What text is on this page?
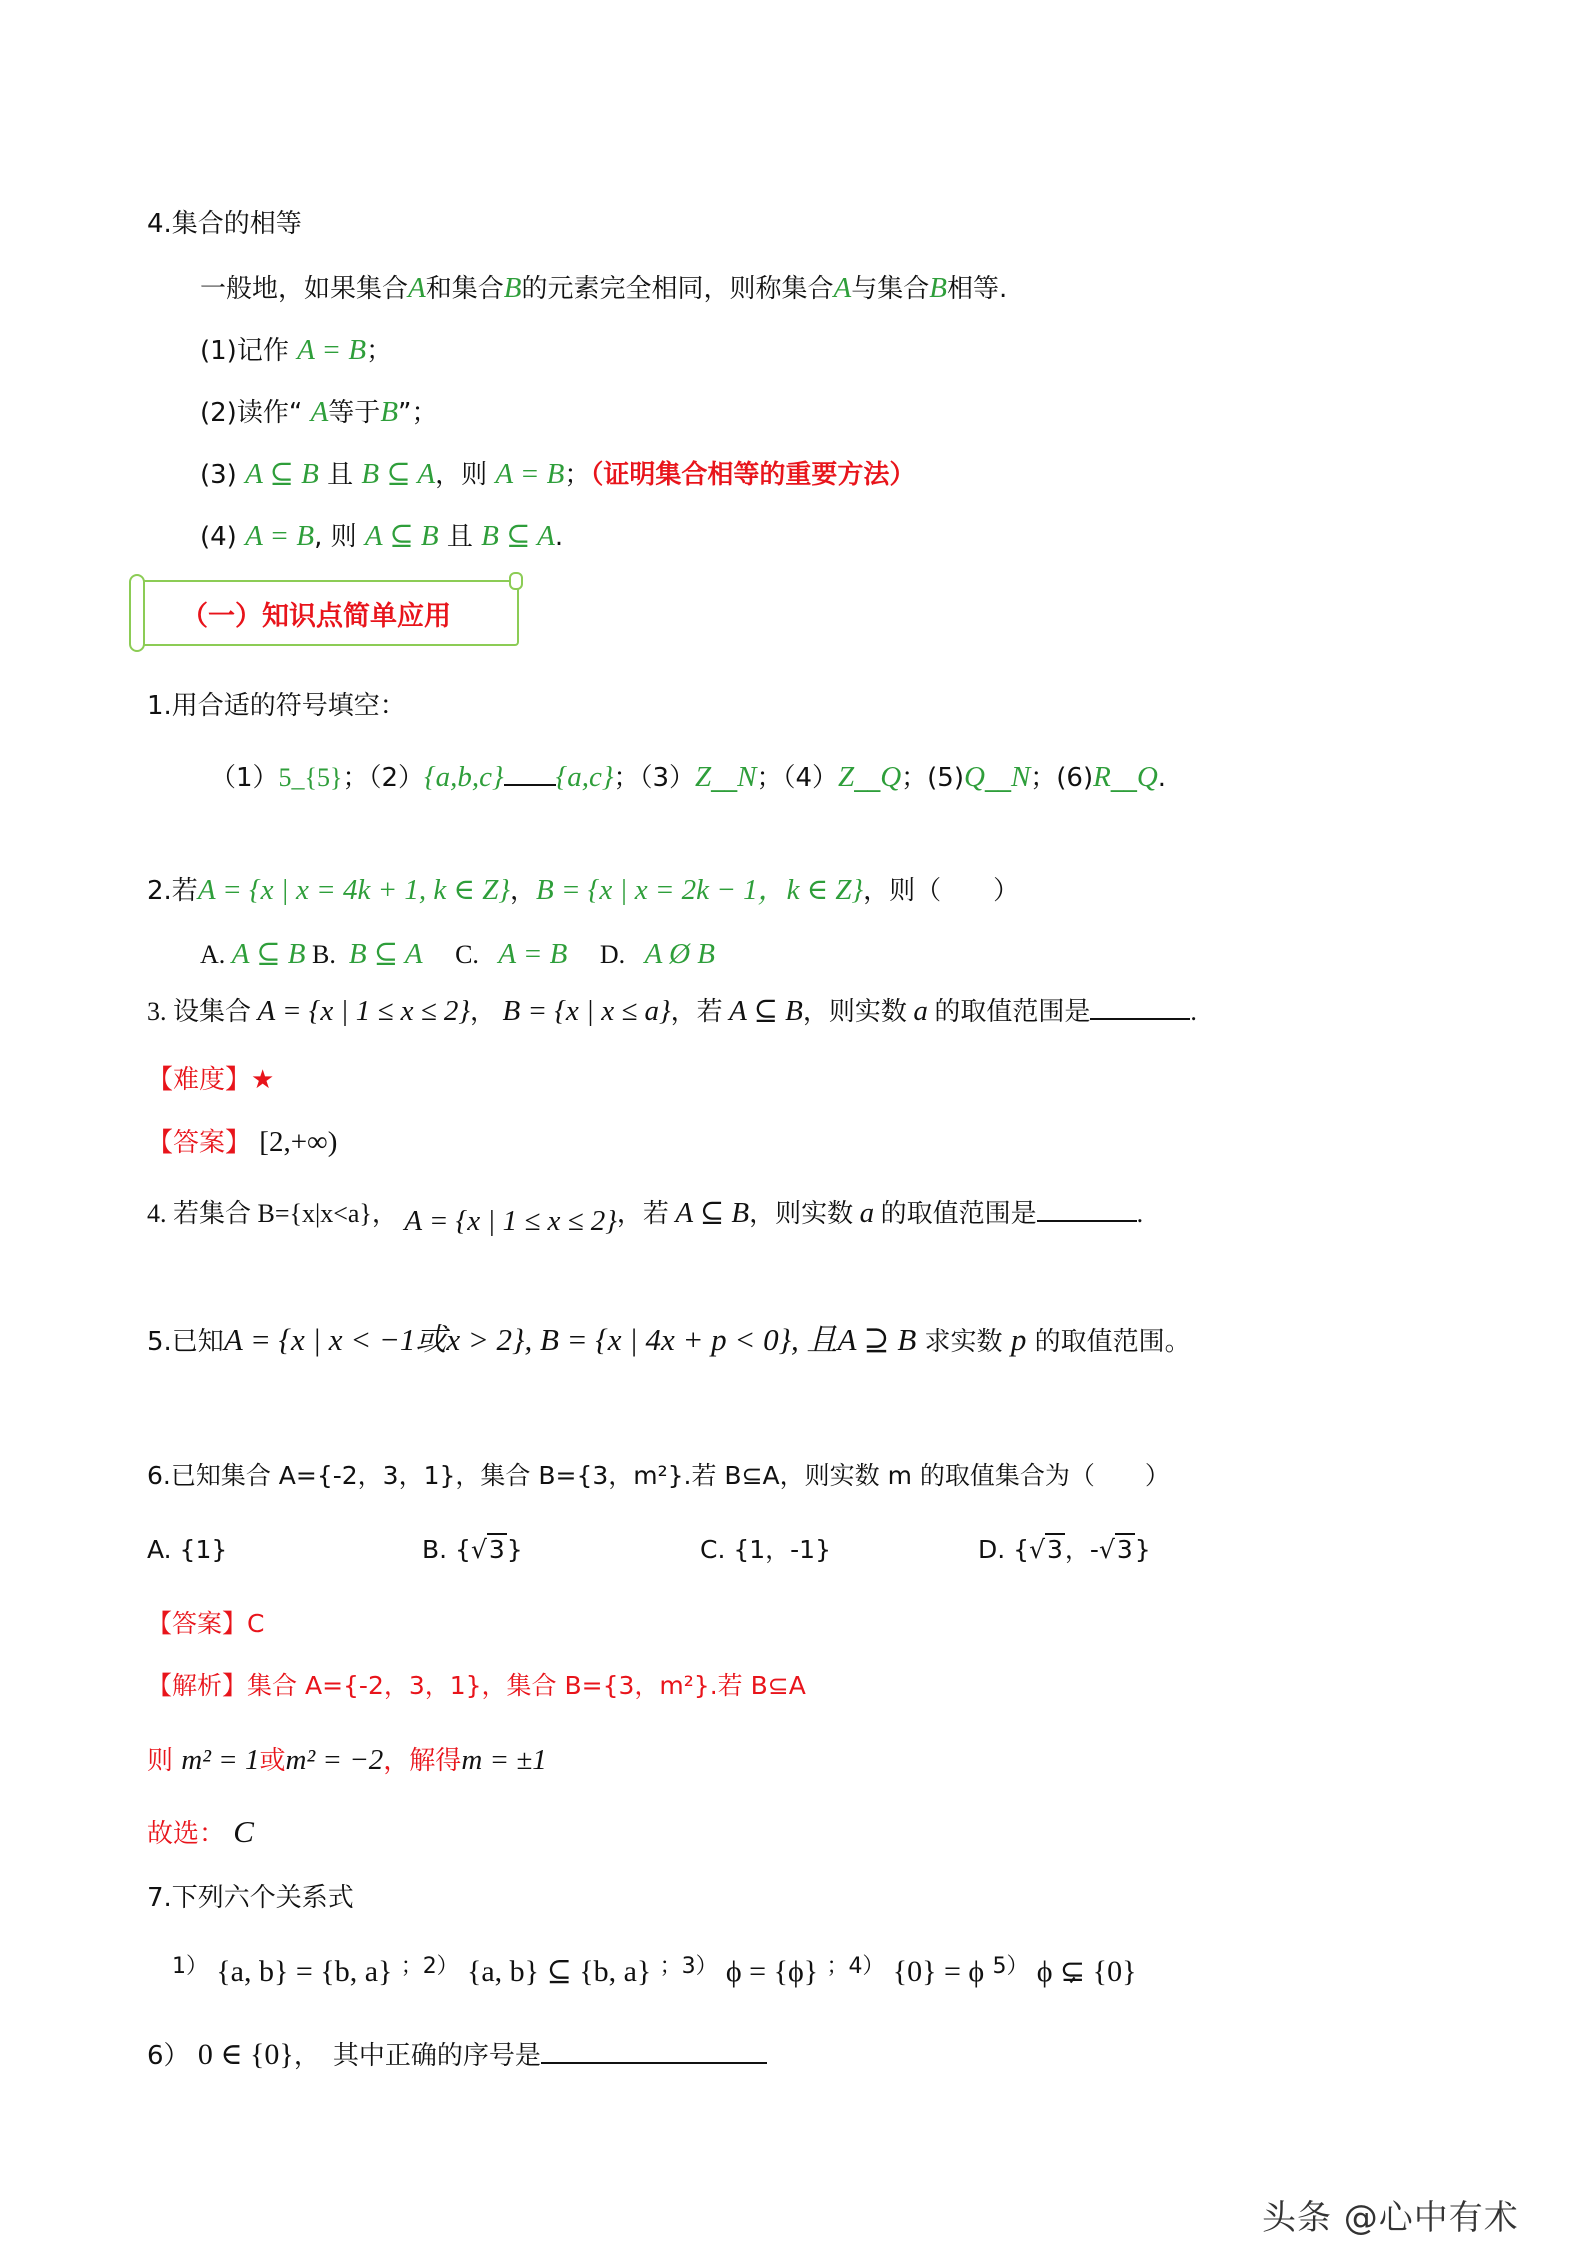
4.集合的相等
一般地，如果集合A和集合B的元素完全相同，则称集合A与集合B相等.
(1)记作 A = B；
(2)读作“ A等于B”；
(3) A ⊆ B 且 B ⊆ A，则 A = B；（证明集合相等的重要方法）
(4) A = B, 则 A ⊆ B 且 B ⊆ A.
（一）知识点简单应用
1.用合适的符号填空：
（1）5_{5}；（2）{a,b,c} {a,c}；（3）Z__N；（4）Z__Q；(5)Q__N；(6)R__Q.
2.若A = {x | x = 4k + 1, k ∈ Z}，B = {x | x = 2k − 1，k ∈ Z}，则（　　）
A. A ⊆ B B. B ⊆ A C. A = B D. A Ø B
3. 设集合 A = {x | 1 ≤ x ≤ 2}， B = {x | x ≤ a}，若 A ⊆ B，则实数 a 的取值范围是	.
【难度】★
【答案】 [2,+∞)
4. 若集合 B={x|x<a}， A = {x | 1 ≤ x ≤ 2}，若 A ⊆ B，则实数 a 的取值范围是	.
5.已知A = {x | x < −1或x > 2}, B = {x | 4x + p < 0}, 且A ⊇ B 求实数 p 的取值范围。
6.已知集合 A={-2，3，1}，集合 B={3，m²}.若 B⊆A，则实数 m 的取值集合为（　　）
A. {1}	B. {√3}	C. {1，-1}	D. {√3，-√3}
【答案】C
【解析】集合 A={-2，3，1}，集合 B={3，m²}.若 B⊆A
则 m² = 1或m² = −2，解得m = ±1
故选： C
7.下列六个关系式
$^{1)}$ {a, b} = {b, a} $^{;2)}$ {a, b} ⊆ {b, a} $^{;3)}$ ϕ = {ϕ} $^{;4)}$ {0} = ϕ $^{5)}$ ϕ ⊊ {0}
6） 0 ∈ {0}，　其中正确的序号是
头条 @心中有术
